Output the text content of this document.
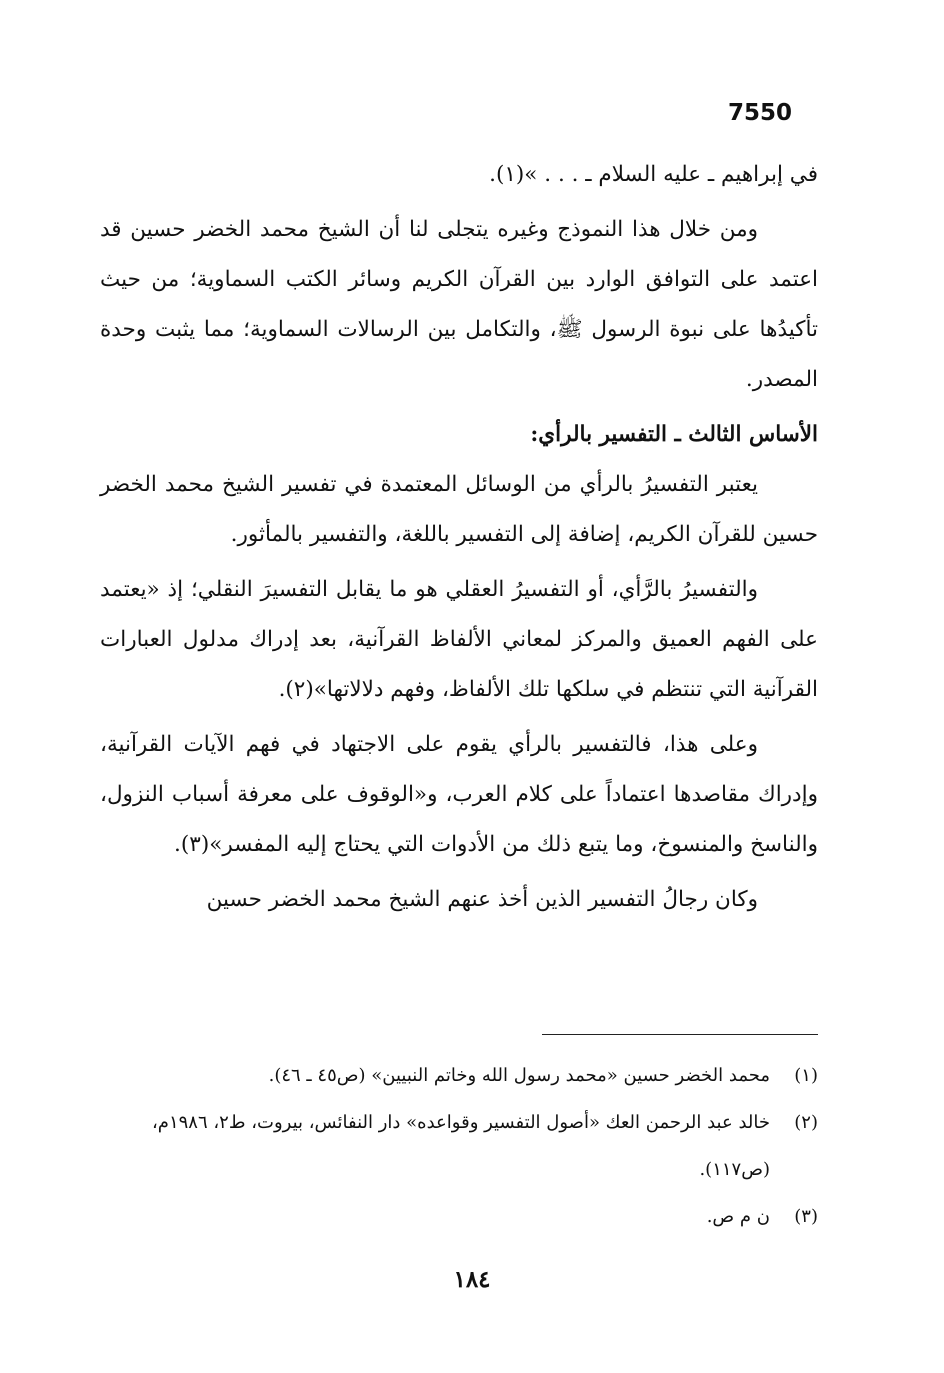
7550

في إبراهيم ـ عليه السلام ـ . . . »(١).

ومن خلال هذا النموذج وغيره يتجلى لنا أن الشيخ محمد الخضر حسين قد اعتمد على التوافق الوارد بين القرآن الكريم وسائر الكتب السماوية؛ من حيث تأكيدُها على نبوة الرسول ﷺ، والتكامل بين الرسالات السماوية؛ مما يثبت وحدة المصدر.

الأساس الثالث ـ التفسير بالرأي:

يعتبر التفسيرُ بالرأي من الوسائل المعتمدة في تفسير الشيخ محمد الخضر حسين للقرآن الكريم، إضافة إلى التفسير باللغة، والتفسير بالمأثور.

والتفسيرُ بالرَّأي، أو التفسيرُ العقلي هو ما يقابل التفسيرَ النقلي؛ إذ «يعتمد على الفهم العميق والمركز لمعاني الألفاظ القرآنية، بعد إدراك مدلول العبارات القرآنية التي تنتظم في سلكها تلك الألفاظ، وفهم دلالاتها»(٢).

وعلى هذا، فالتفسير بالرأي يقوم على الاجتهاد في فهم الآيات القرآنية، وإدراك مقاصدها اعتماداً على كلام العرب، و«الوقوف على معرفة أسباب النزول، والناسخ والمنسوخ، وما يتبع ذلك من الأدوات التي يحتاج إليه المفسر»(٣).

وكان رجالُ التفسير الذين أخذ عنهم الشيخ محمد الخضر حسين

(١)
محمد الخضر حسين «محمد رسول الله وخاتم النبيين» (ص٤٥ ـ ٤٦).
(٢)
خالد عبد الرحمن العك «أصول التفسير وقواعده» دار النفائس، بيروت، ط٢، ١٩٨٦م، (ص١١٧).
(٣)
ن م ص.
١٨٤
